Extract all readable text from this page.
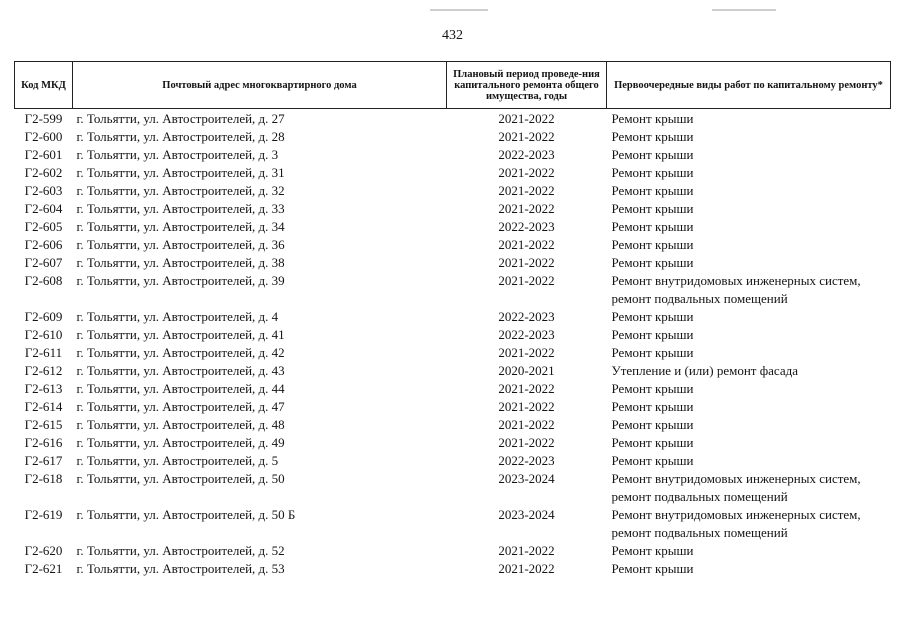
432
Код МКД	Почтовый адрес многоквартирного дома	Плановый период проведе-ния капитального ремонта общего имущества, годы	Первоочередные виды работ по капитальному ремонту*
Г2-599	г. Тольятти, ул. Автостроителей, д. 27	2021-2022	Ремонт крыши

Г2-600	г. Тольятти, ул. Автостроителей, д. 28	2021-2022	Ремонт крыши

Г2-601	г. Тольятти, ул. Автостроителей, д. 3	2022-2023	Ремонт крыши

Г2-602	г. Тольятти, ул. Автостроителей, д. 31	2021-2022	Ремонт крыши

Г2-603	г. Тольятти, ул. Автостроителей, д. 32	2021-2022	Ремонт крыши

Г2-604	г. Тольятти, ул. Автостроителей, д. 33	2021-2022	Ремонт крыши

Г2-605	г. Тольятти, ул. Автостроителей, д. 34	2022-2023	Ремонт крыши

Г2-606	г. Тольятти, ул. Автостроителей, д. 36	2021-2022	Ремонт крыши

Г2-607	г. Тольятти, ул. Автостроителей, д. 38	2021-2022	Ремонт крыши

Г2-608	г. Тольятти, ул. Автостроителей, д. 39	2021-2022	Ремонт внутридомовых инженерных систем,
ремонт подвальных помещений

Г2-609	г. Тольятти, ул. Автостроителей, д. 4	2022-2023	Ремонт крыши

Г2-610	г. Тольятти, ул. Автостроителей, д. 41	2022-2023	Ремонт крыши

Г2-611	г. Тольятти, ул. Автостроителей, д. 42	2021-2022	Ремонт крыши

Г2-612	г. Тольятти, ул. Автостроителей, д. 43	2020-2021	Утепление и (или) ремонт фасада

Г2-613	г. Тольятти, ул. Автостроителей, д. 44	2021-2022	Ремонт крыши

Г2-614	г. Тольятти, ул. Автостроителей, д. 47	2021-2022	Ремонт крыши

Г2-615	г. Тольятти, ул. Автостроителей, д. 48	2021-2022	Ремонт крыши

Г2-616	г. Тольятти, ул. Автостроителей, д. 49	2021-2022	Ремонт крыши

Г2-617	г. Тольятти, ул. Автостроителей, д. 5	2022-2023	Ремонт крыши

Г2-618	г. Тольятти, ул. Автостроителей, д. 50	2023-2024	Ремонт внутридомовых инженерных систем,
ремонт подвальных помещений

Г2-619	г. Тольятти, ул. Автостроителей, д. 50 Б	2023-2024	Ремонт внутридомовых инженерных систем,
ремонт подвальных помещений

Г2-620	г. Тольятти, ул. Автостроителей, д. 52	2021-2022	Ремонт крыши

Г2-621	г. Тольятти, ул. Автостроителей, д. 53	2021-2022	Ремонт крыши
